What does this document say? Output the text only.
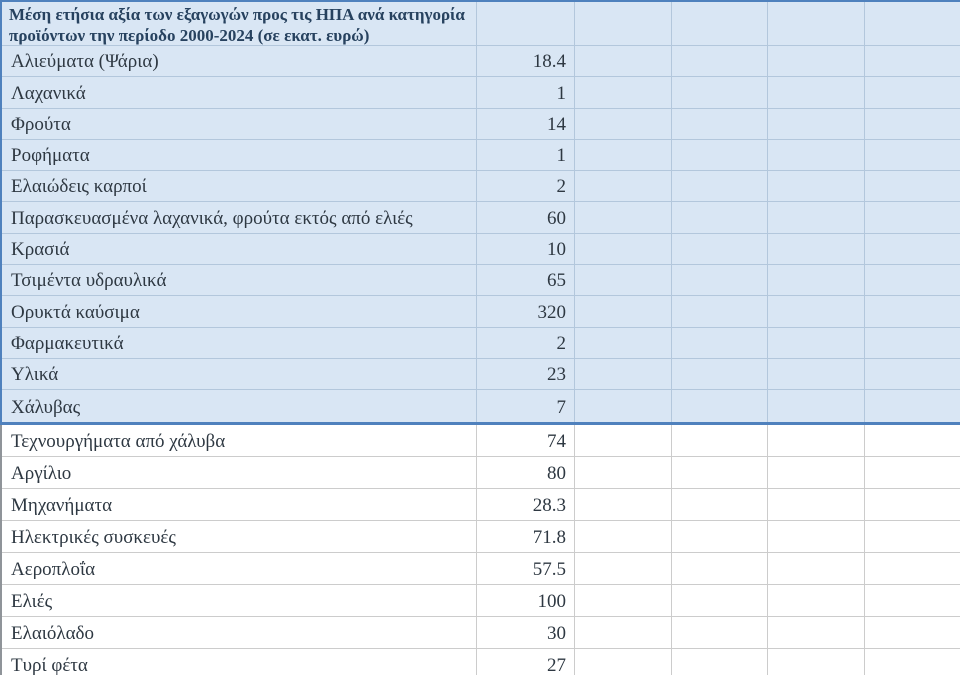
Μέση ετήσια αξία των εξαγωγών προς τις ΗΠΑ ανά κατηγορία προϊόντων την περίοδο 2000-2024 (σε εκατ. ευρώ)
Αλιεύματα (Ψάρια)	18.4
Λαχανικά	1
Φρούτα	14
Ροφήματα	1
Ελαιώδεις καρποί	2
Παρασκευασμένα λαχανικά, φρούτα εκτός από ελιές	60
Κρασιά	10
Τσιμέντα υδραυλικά	65
Ορυκτά καύσιμα	320
Φαρμακευτικά	2
Υλικά	23
Χάλυβας	7
Τεχνουργήματα από χάλυβα	74
Αργίλιο	80
Μηχανήματα	28.3
Ηλεκτρικές συσκευές	71.8
Αεροπλοΐα	57.5
Ελιές	100
Ελαιόλαδο	30
Τυρί φέτα	27
